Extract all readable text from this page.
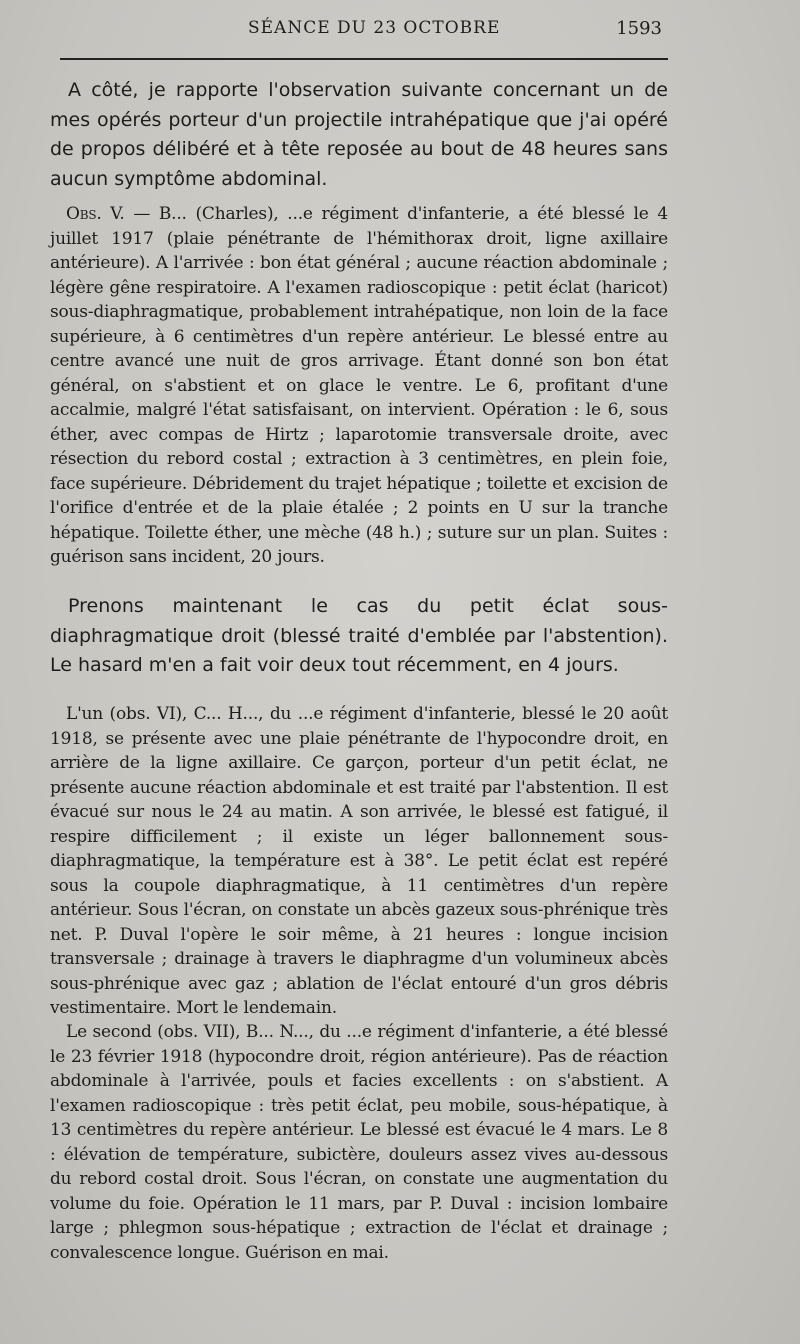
SÉANCE DU 23 OCTOBRE	1593

A côté, je rapporte l'observation suivante concernant un de mes opérés porteur d'un projectile intrahépatique que j'ai opéré de propos délibéré et à tête reposée au bout de 48 heures sans aucun symptôme abdominal.

Obs. V. — B... (Charles), ...e régiment d'infanterie, a été blessé le 4 juillet 1917 (plaie pénétrante de l'hémithorax droit, ligne axillaire antérieure). A l'arrivée : bon état général ; aucune réaction abdominale ; légère gêne respiratoire. A l'examen radioscopique : petit éclat (haricot) sous-diaphragmatique, probablement intrahépatique, non loin de la face supérieure, à 6 centimètres d'un repère antérieur. Le blessé entre au centre avancé une nuit de gros arrivage. Étant donné son bon état général, on s'abstient et on glace le ventre. Le 6, profitant d'une accalmie, malgré l'état satisfaisant, on intervient. Opération : le 6, sous éther, avec compas de Hirtz ; laparotomie transversale droite, avec résection du rebord costal ; extraction à 3 centimètres, en plein foie, face supérieure. Débridement du trajet hépatique ; toilette et excision de l'orifice d'entrée et de la plaie étalée ; 2 points en U sur la tranche hépatique. Toilette éther, une mèche (48 h.) ; suture sur un plan. Suites : guérison sans incident, 20 jours.

Prenons maintenant le cas du petit éclat sous-diaphragmatique droit (blessé traité d'emblée par l'abstention). Le hasard m'en a fait voir deux tout récemment, en 4 jours.

L'un (obs. VI), C... H..., du ...e régiment d'infanterie, blessé le 20 août 1918, se présente avec une plaie pénétrante de l'hypocondre droit, en arrière de la ligne axillaire. Ce garçon, porteur d'un petit éclat, ne présente aucune réaction abdominale et est traité par l'abstention. Il est évacué sur nous le 24 au matin. A son arrivée, le blessé est fatigué, il respire difficilement ; il existe un léger ballonnement sous-diaphragmatique, la température est à 38°. Le petit éclat est repéré sous la coupole diaphragmatique, à 11 centimètres d'un repère antérieur. Sous l'écran, on constate un abcès gazeux sous-phrénique très net. P. Duval l'opère le soir même, à 21 heures : longue incision transversale ; drainage à travers le diaphragme d'un volumineux abcès sous-phrénique avec gaz ; ablation de l'éclat entouré d'un gros débris vestimentaire. Mort le lendemain.

Le second (obs. VII), B... N..., du ...e régiment d'infanterie, a été blessé le 23 février 1918 (hypocondre droit, région antérieure). Pas de réaction abdominale à l'arrivée, pouls et facies excellents : on s'abstient. A l'examen radioscopique : très petit éclat, peu mobile, sous-hépatique, à 13 centimètres du repère antérieur. Le blessé est évacué le 4 mars. Le 8 : élévation de température, subictère, douleurs assez vives au-dessous du rebord costal droit. Sous l'écran, on constate une augmentation du volume du foie. Opération le 11 mars, par P. Duval : incision lombaire large ; phlegmon sous-hépatique ; extraction de l'éclat et drainage ; convalescence longue. Guérison en mai.
